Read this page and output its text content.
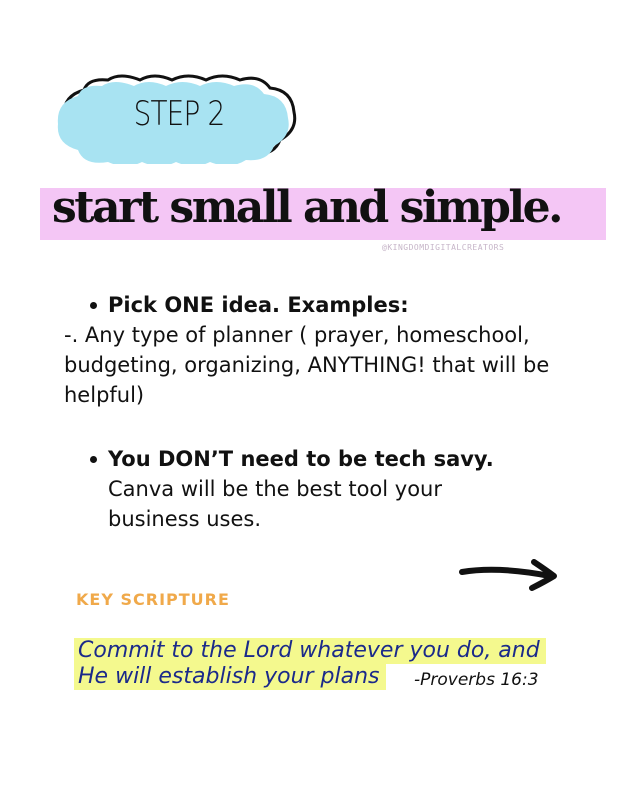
STEP 2
start small and simple.
@KINGDOMDIGITALCREATORS
Pick ONE idea. Examples:
-. Any type of planner ( prayer, homeschool, budgeting, organizing, ANYTHING! that will be helpful)
You DON’T need to be tech savy.
Canva will be the best tool your business uses.
KEY SCRIPTURE
Commit to the Lord whatever you do, and
He will establish your plans	-Proverbs 16:3
